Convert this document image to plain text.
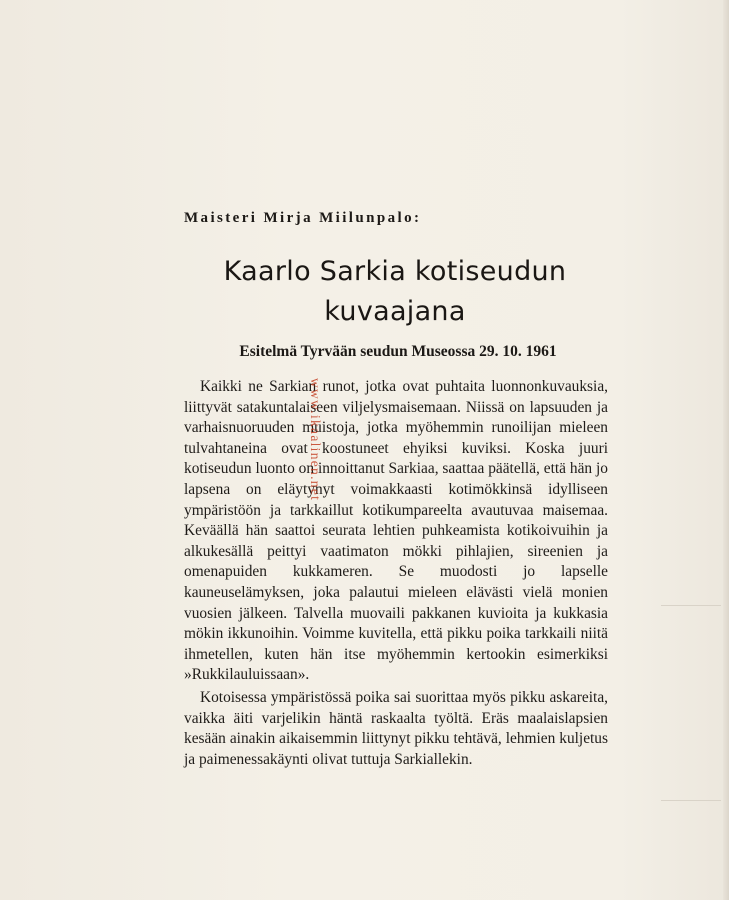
Maisteri Mirja Miilunpalo:
Kaarlo Sarkia kotiseudun
kuvaajana
Esitelmä Tyrvään seudun Museossa 29. 10. 1961

Kaikki ne Sarkian runot, jotka ovat puhtaita luonnonkuvauksia, liittyvät satakuntalaiseen viljelysmaisemaan. Niissä on lapsuuden ja varhaisnuoruuden muistoja, jotka myöhemmin runoilijan mieleen tulvahtaneina ovat koostuneet ehyiksi kuviksi. Koska juuri kotiseudun luonto on innoittanut Sarkiaa, saattaa päätellä, että hän jo lapsena on eläytynyt voimakkaasti kotimökkinsä idylliseen ympäristöön ja tarkkaillut kotikumpareelta avautuvaa maisemaa. Keväällä hän saattoi seurata lehtien puhkeamista kotikoivuihin ja alkukesällä peittyi vaatimaton mökki pihlajien, sireenien ja omenapuiden kukkameren. Se muodosti jo lapselle kauneuselämyksen, joka palautui mieleen elävästi vielä monien vuosien jälkeen. Talvella muovaili pakkanen kuvioita ja kukkasia mökin ikkunoihin. Voimme kuvitella, että pikku poika tarkkaili niitä ihmetellen, kuten hän itse myöhemmin kertookin esimerkiksi »Rukkilauluissaan».

Kotoisessa ympäristössä poika sai suorittaa myös pikku askareita, vaikka äiti varjelikin häntä raskaalta työltä. Eräs maalaislapsien kesään ainakin aikaisemmin liittynyt pikku tehtävä, lehmien kuljetus ja paimenessakäynti olivat tuttuja Sarkiallekin.

www.ikaalinen.net
